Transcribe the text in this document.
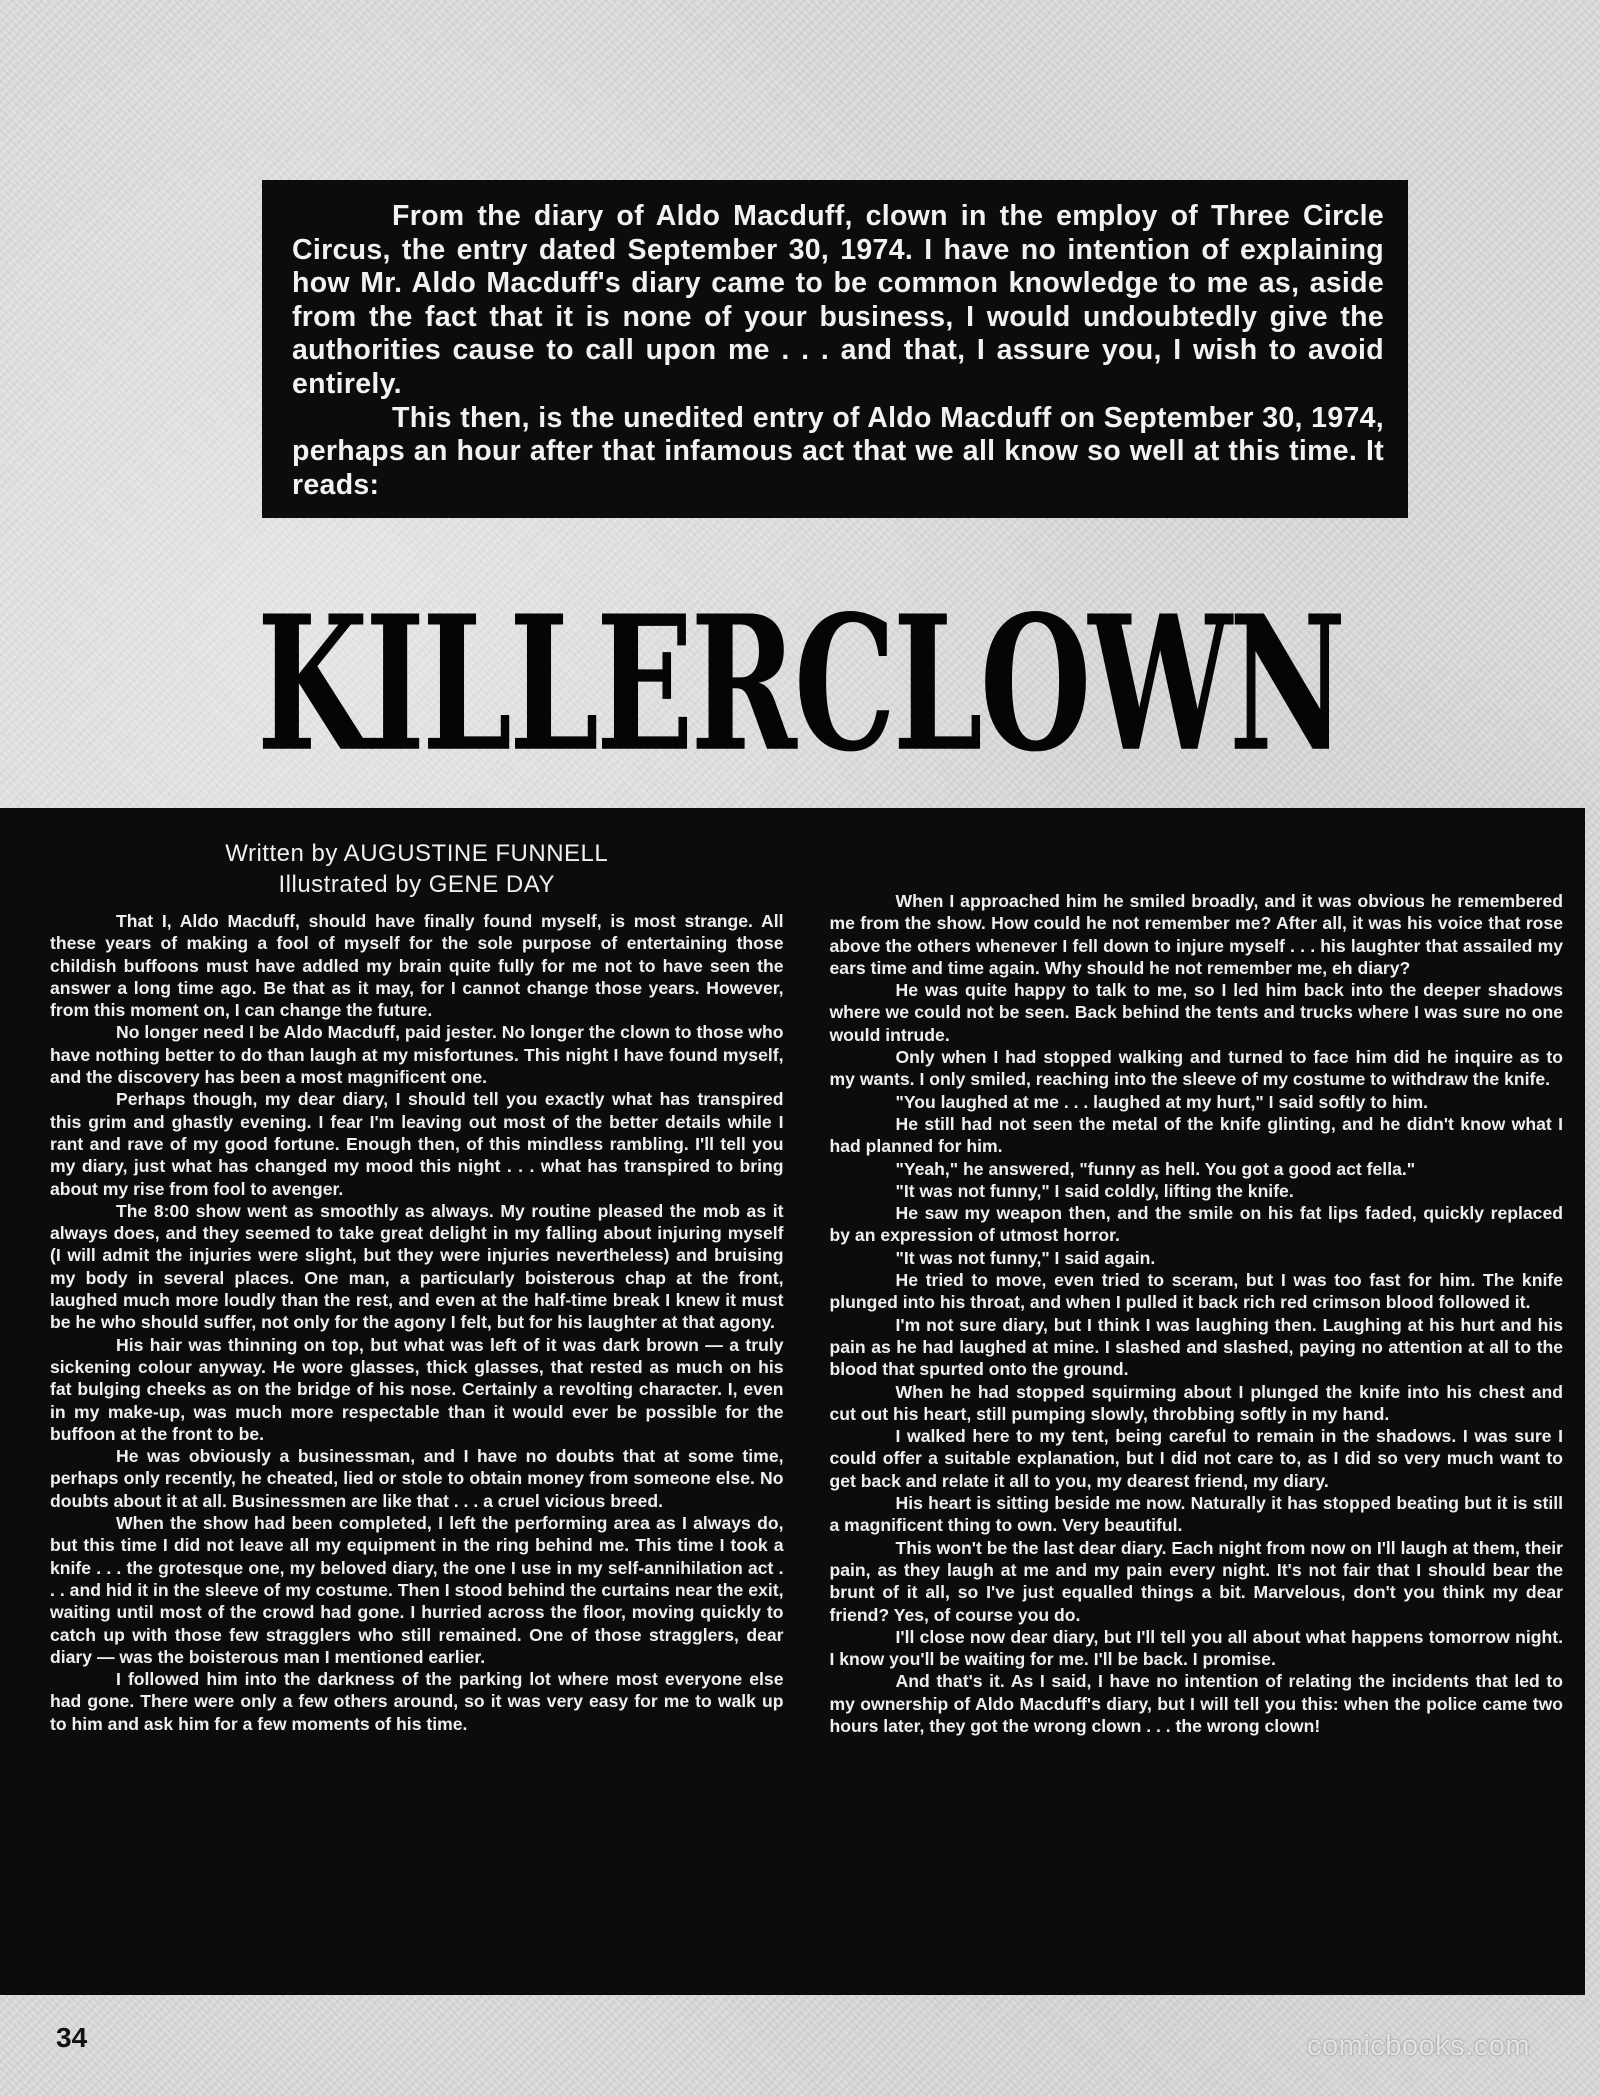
From the diary of Aldo Macduff, clown in the employ of Three Circle Circus, the entry dated September 30, 1974. I have no intention of explaining how Mr. Aldo Macduff's diary came to be common knowledge to me as, aside from the fact that it is none of your business, I would undoubtedly give the authorities cause to call upon me . . . and that, I assure you, I wish to avoid entirely.

This then, is the unedited entry of Aldo Macduff on September 30, 1974, perhaps an hour after that infamous act that we all know so well at this time. It reads:

KILLERCLOWN
Written by AUGUSTINE FUNNELL
Illustrated by GENE DAY

That I, Aldo Macduff, should have finally found myself, is most strange. All these years of making a fool of myself for the sole purpose of entertaining those childish buffoons must have addled my brain quite fully for me not to have seen the answer a long time ago. Be that as it may, for I cannot change those years. However, from this moment on, I can change the future.

No longer need I be Aldo Macduff, paid jester. No longer the clown to those who have nothing better to do than laugh at my misfortunes. This night I have found myself, and the discovery has been a most magnificent one.

Perhaps though, my dear diary, I should tell you exactly what has transpired this grim and ghastly evening. I fear I'm leaving out most of the better details while I rant and rave of my good fortune. Enough then, of this mindless rambling. I'll tell you my diary, just what has changed my mood this night . . . what has transpired to bring about my rise from fool to avenger.

The 8:00 show went as smoothly as always. My routine pleased the mob as it always does, and they seemed to take great delight in my falling about injuring myself (I will admit the injuries were slight, but they were injuries nevertheless) and bruising my body in several places. One man, a particularly boisterous chap at the front, laughed much more loudly than the rest, and even at the half-time break I knew it must be he who should suffer, not only for the agony I felt, but for his laughter at that agony.

His hair was thinning on top, but what was left of it was dark brown — a truly sickening colour anyway. He wore glasses, thick glasses, that rested as much on his fat bulging cheeks as on the bridge of his nose. Certainly a revolting character. I, even in my make-up, was much more respectable than it would ever be possible for the buffoon at the front to be.

He was obviously a businessman, and I have no doubts that at some time, perhaps only recently, he cheated, lied or stole to obtain money from someone else. No doubts about it at all. Businessmen are like that . . . a cruel vicious breed.

When the show had been completed, I left the performing area as I always do, but this time I did not leave all my equipment in the ring behind me. This time I took a knife . . . the grotesque one, my beloved diary, the one I use in my self-annihilation act . . . and hid it in the sleeve of my costume. Then I stood behind the curtains near the exit, waiting until most of the crowd had gone. I hurried across the floor, moving quickly to catch up with those few stragglers who still remained. One of those stragglers, dear diary — was the boisterous man I mentioned earlier.

I followed him into the darkness of the parking lot where most everyone else had gone. There were only a few others around, so it was very easy for me to walk up to him and ask him for a few moments of his time.

When I approached him he smiled broadly, and it was obvious he remembered me from the show. How could he not remember me? After all, it was his voice that rose above the others whenever I fell down to injure myself . . . his laughter that assailed my ears time and time again. Why should he not remember me, eh diary?

He was quite happy to talk to me, so I led him back into the deeper shadows where we could not be seen. Back behind the tents and trucks where I was sure no one would intrude.

Only when I had stopped walking and turned to face him did he inquire as to my wants. I only smiled, reaching into the sleeve of my costume to withdraw the knife.

"You laughed at me . . . laughed at my hurt," I said softly to him.

He still had not seen the metal of the knife glinting, and he didn't know what I had planned for him.

"Yeah," he answered, "funny as hell. You got a good act fella."

"It was not funny," I said coldly, lifting the knife.

He saw my weapon then, and the smile on his fat lips faded, quickly replaced by an expression of utmost horror.

"It was not funny," I said again.

He tried to move, even tried to sceram, but I was too fast for him. The knife plunged into his throat, and when I pulled it back rich red crimson blood followed it.

I'm not sure diary, but I think I was laughing then. Laughing at his hurt and his pain as he had laughed at mine. I slashed and slashed, paying no attention at all to the blood that spurted onto the ground.

When he had stopped squirming about I plunged the knife into his chest and cut out his heart, still pumping slowly, throbbing softly in my hand.

I walked here to my tent, being careful to remain in the shadows. I was sure I could offer a suitable explanation, but I did not care to, as I did so very much want to get back and relate it all to you, my dearest friend, my diary.

His heart is sitting beside me now. Naturally it has stopped beating but it is still a magnificent thing to own. Very beautiful.

This won't be the last dear diary. Each night from now on I'll laugh at them, their pain, as they laugh at me and my pain every night. It's not fair that I should bear the brunt of it all, so I've just equalled things a bit. Marvelous, don't you think my dear friend? Yes, of course you do.

I'll close now dear diary, but I'll tell you all about what happens tomorrow night. I know you'll be waiting for me. I'll be back. I promise.

And that's it. As I said, I have no intention of relating the incidents that led to my ownership of Aldo Macduff's diary, but I will tell you this: when the police came two hours later, they got the wrong clown . . . the wrong clown!

34	comicbooks.com
